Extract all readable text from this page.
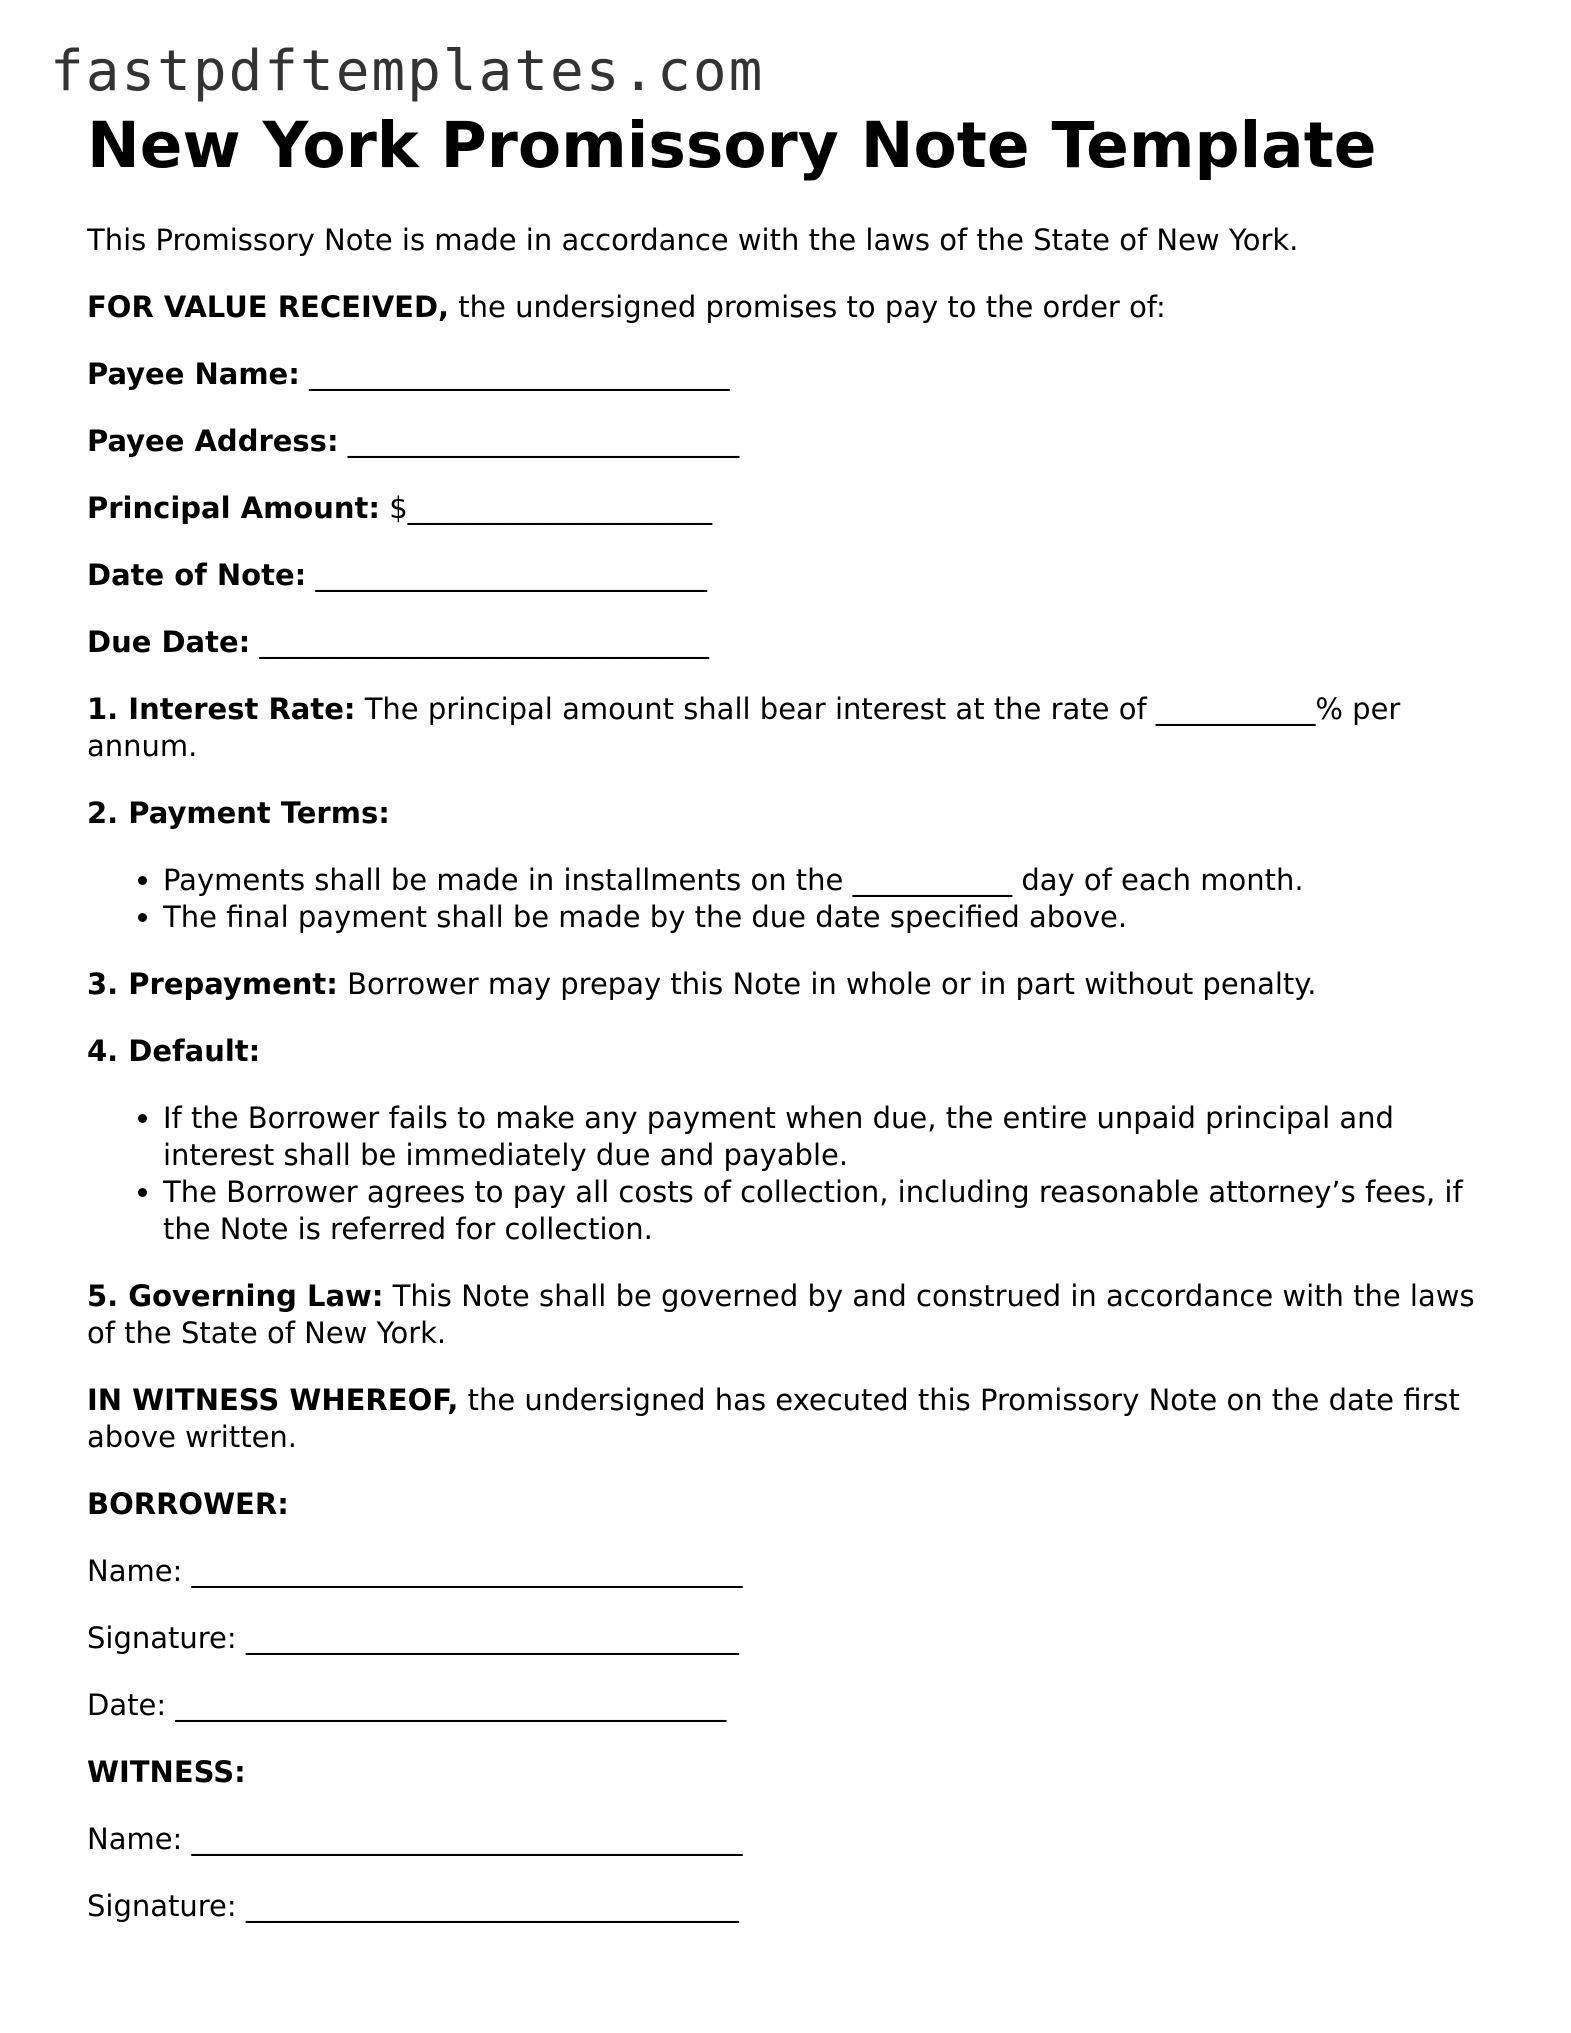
fastpdftemplates.com
New York Promissory Note Template

This Promissory Note is made in accordance with the laws of the State of New York.

FOR VALUE RECEIVED, the undersigned promises to pay to the order of:

Payee Name: _____________________________

Payee Address: ___________________________

Principal Amount: $_____________________

Date of Note: ___________________________

Due Date: _______________________________

1. Interest Rate: The principal amount shall bear interest at the rate of ___________% per annum.

2. Payment Terms:

• Payments shall be made in installments on the ___________ day of each month.
• The final payment shall be made by the due date specified above.

3. Prepayment: Borrower may prepay this Note in whole or in part without penalty.

4. Default:

• If the Borrower fails to make any payment when due, the entire unpaid principal and interest shall be immediately due and payable.
• The Borrower agrees to pay all costs of collection, including reasonable attorney’s fees, if the Note is referred for collection.

5. Governing Law: This Note shall be governed by and construed in accordance with the laws of the State of New York.

IN WITNESS WHEREOF, the undersigned has executed this Promissory Note on the date first above written.

BORROWER:

Name: ______________________________________

Signature: __________________________________

Date: ______________________________________

WITNESS:

Name: ______________________________________

Signature: __________________________________
